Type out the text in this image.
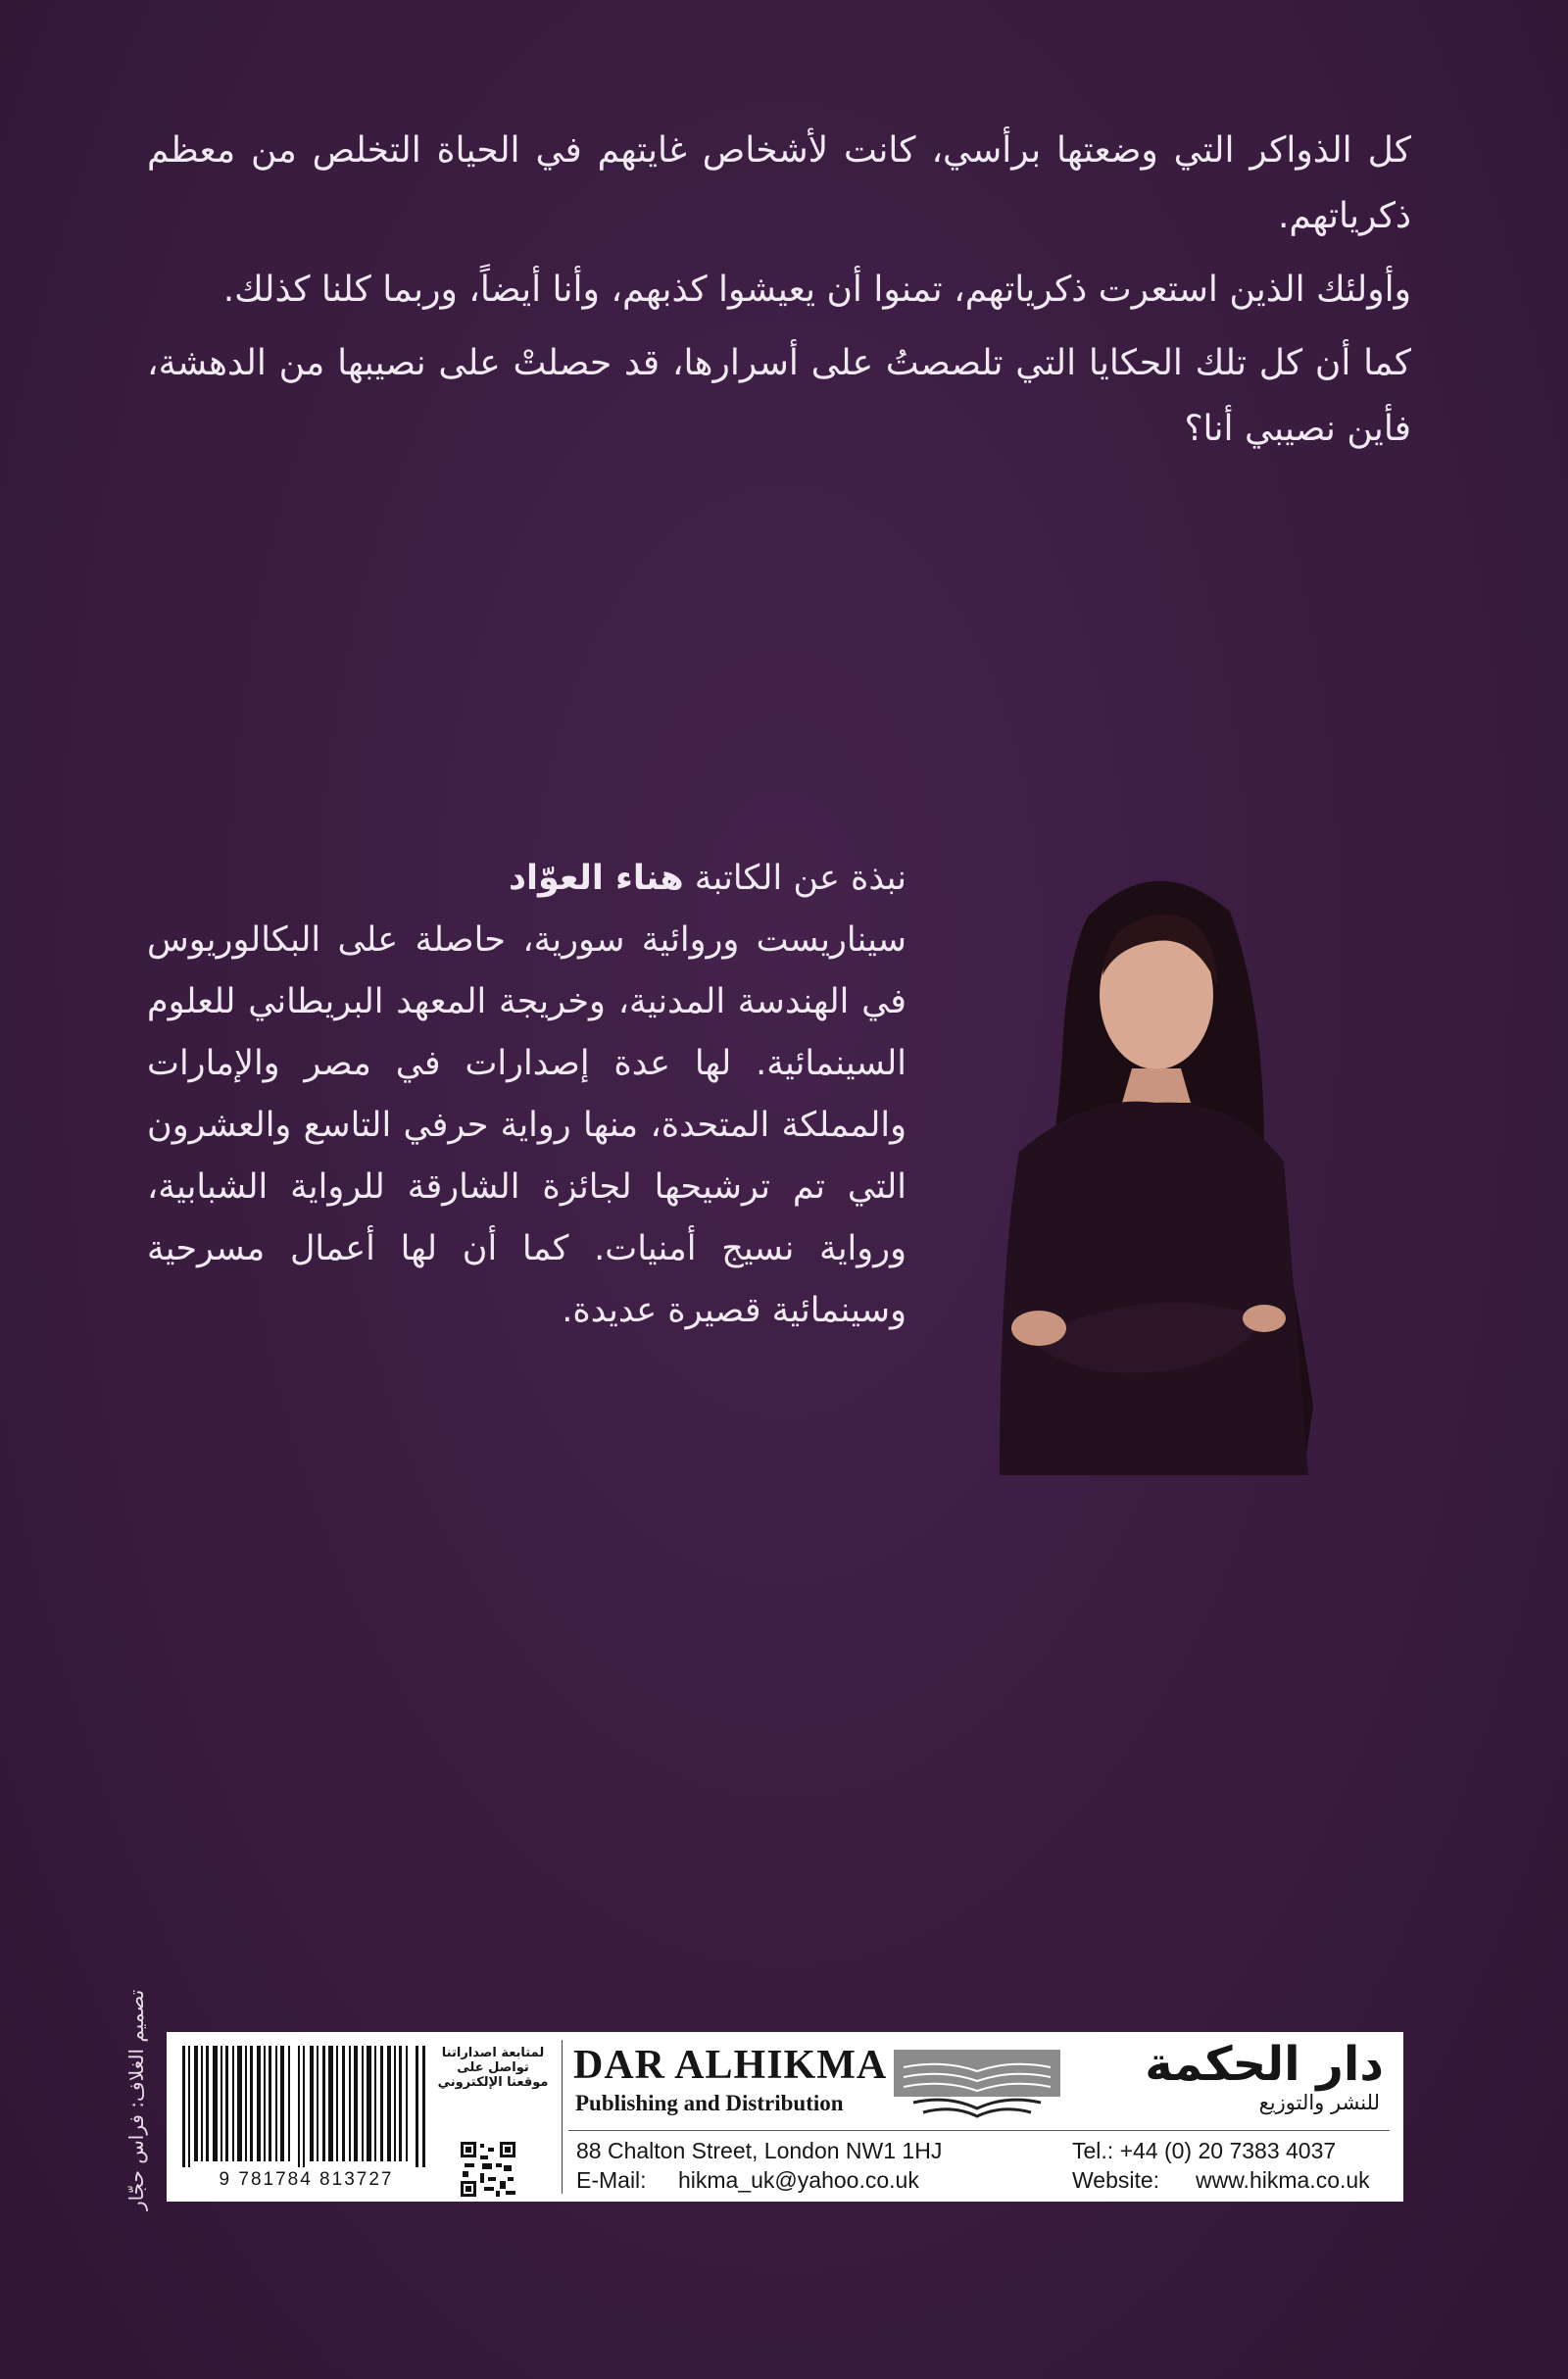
كل الذواكر التي وضعتها برأسي، كانت لأشخاص غايتهم في الحياة التخلص من معظم ذكرياتهم.

وأولئك الذين استعرت ذكرياتهم، تمنوا أن يعيشوا كذبهم، وأنا أيضاً، وربما كلنا كذلك.

كما أن كل تلك الحكايا التي تلصصتُ على أسرارها، قد حصلتْ على نصيبها من الدهشة، فأين نصيبي أنا؟

نبذة عن الكاتبة هناء العوّاد
سيناريست وروائية سورية، حاصلة على البكالوريوس في الهندسة المدنية، وخريجة المعهد البريطاني للعلوم السينمائية. لها عدة إصدارات في مصر والإمارات والمملكة المتحدة، منها رواية حرفي التاسع والعشرون التي تم ترشيحها لجائزة الشارقة للرواية الشبابية، ورواية نسيج أمنيات. كما أن لها أعمال مسرحية وسينمائية قصيرة عديدة.
تصميم الغلاف: فراس حجّار	9 781784 813727
لمتابعة اصداراتنا
تواصل على
موقعنا الإلكتروني DAR ALHIKMA
Publishing and Distribution
دار الحكمة
للنشر والتوزيع
88 Chalton Street, London NW1 1HJ	Tel.: +44 (0) 20 7383 4037
E-Mail: hikma_uk@yahoo.co.uk	Website: www.hikma.co.uk
